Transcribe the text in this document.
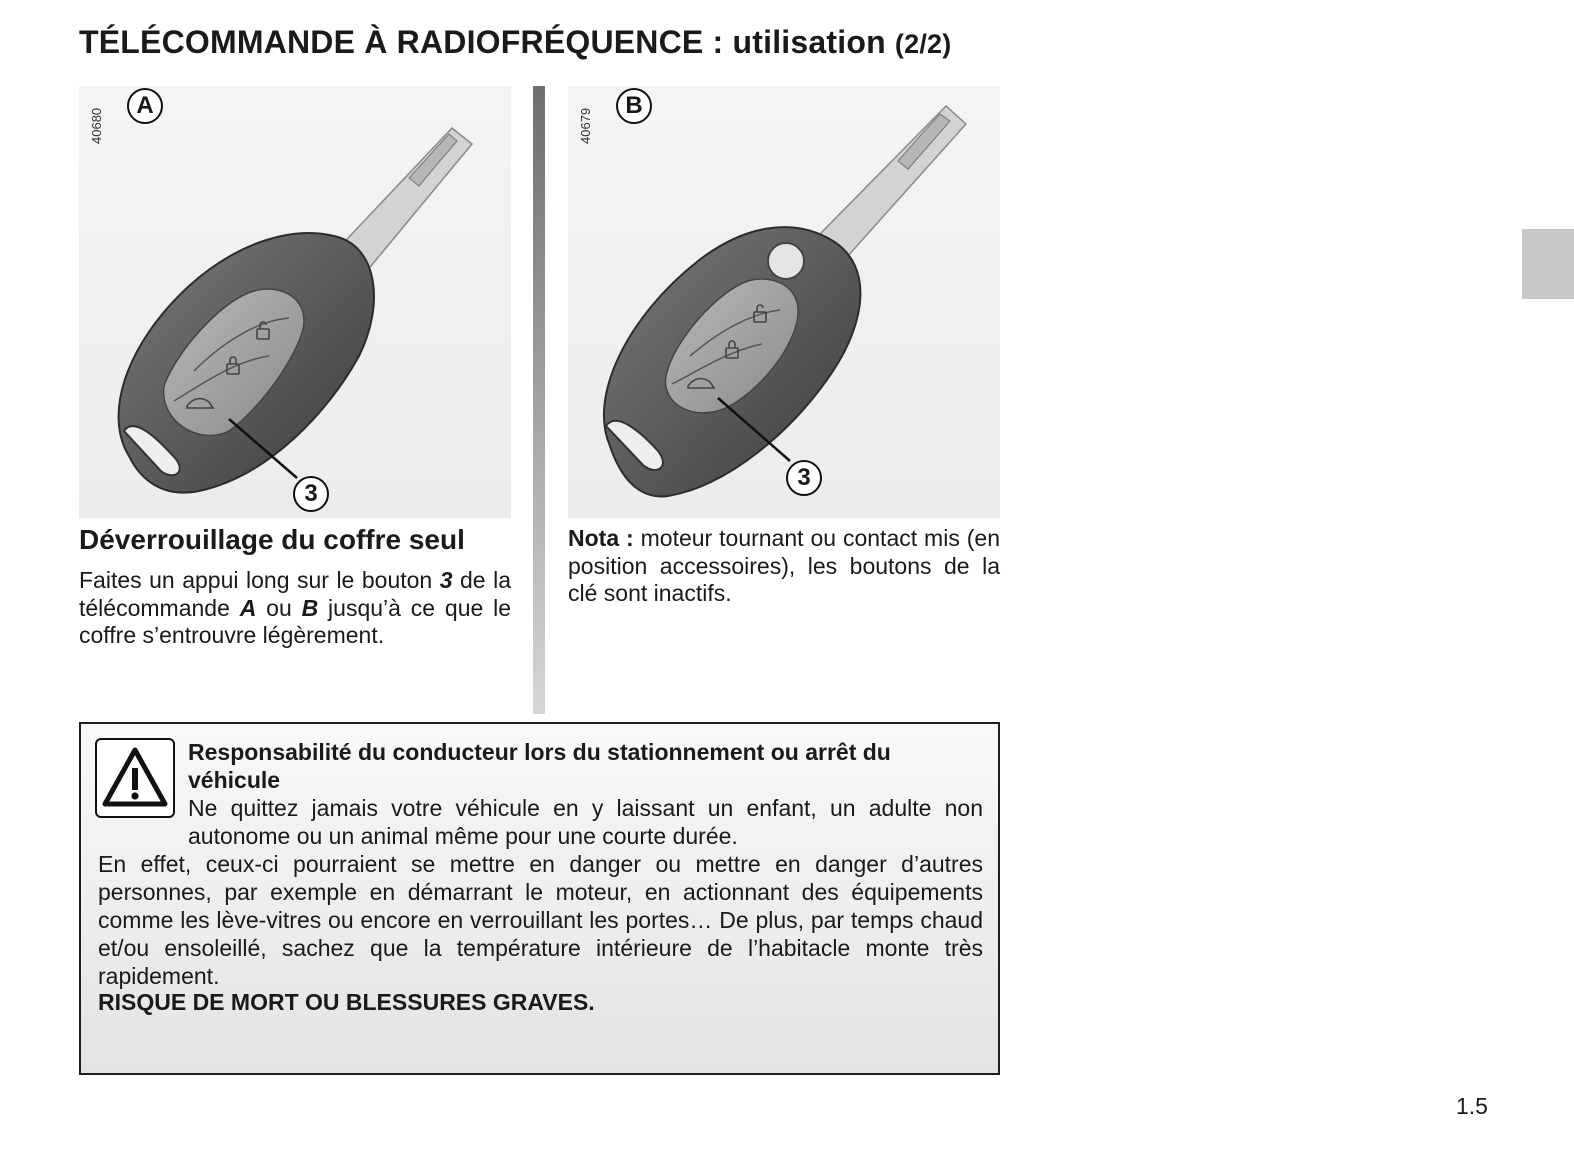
TÉLÉCOMMANDE À RADIOFRÉQUENCE : utilisation (2/2)
40680
A
3
40679
B
3
Déverrouillage du coffre seul

Faites un appui long sur le bouton 3 de la télécommande A ou B jusqu’à ce que le coffre s’entrouvre légèrement.

Nota : moteur tournant ou contact mis (en position accessoires), les boutons de la clé sont inactifs.

Responsabilité du conducteur lors du stationnement ou arrêt du véhicule

Ne quittez jamais votre véhicule en y laissant un enfant, un adulte non autonome ou un animal même pour une courte durée.

En effet, ceux-ci pourraient se mettre en danger ou mettre en danger d’autres personnes, par exemple en démarrant le moteur, en actionnant des équipements comme les lève-vitres ou encore en verrouillant les portes… De plus, par temps chaud et/ou ensoleillé, sachez que la température intérieure de l’habitacle monte très rapidement.

RISQUE DE MORT OU BLESSURES GRAVES.

1.5
